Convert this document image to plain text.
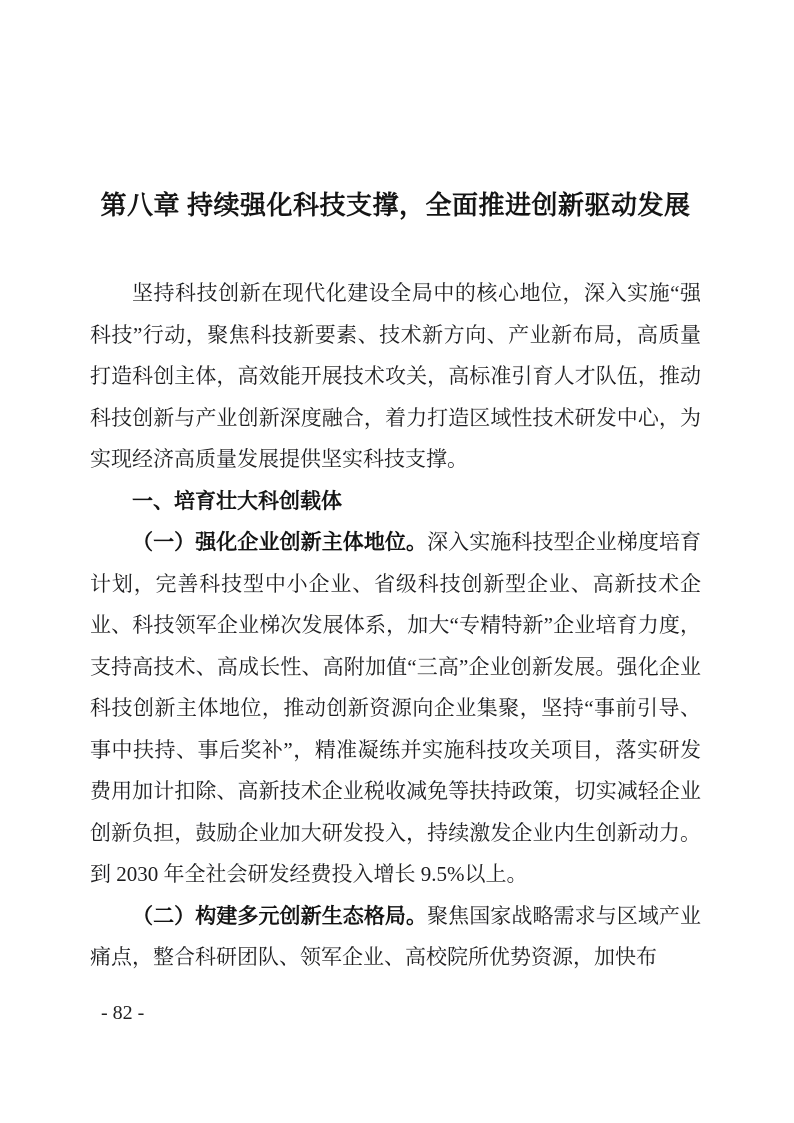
第八章 持续强化科技支撑，全面推进创新驱动发展

坚持科技创新在现代化建设全局中的核心地位，深入实施“强科技”行动，聚焦科技新要素、技术新方向、产业新布局，高质量打造科创主体，高效能开展技术攻关，高标准引育人才队伍，推动科技创新与产业创新深度融合，着力打造区域性技术研发中心，为实现经济高质量发展提供坚实科技支撑。

一、培育壮大科创载体

（一）强化企业创新主体地位。深入实施科技型企业梯度培育计划，完善科技型中小企业、省级科技创新型企业、高新技术企业、科技领军企业梯次发展体系，加大“专精特新”企业培育力度，支持高技术、高成长性、高附加值“三高”企业创新发展。强化企业科技创新主体地位，推动创新资源向企业集聚，坚持“事前引导、事中扶持、事后奖补”，精准凝练并实施科技攻关项目，落实研发费用加计扣除、高新技术企业税收减免等扶持政策，切实减轻企业创新负担，鼓励企业加大研发投入，持续激发企业内生创新动力。到 2030 年全社会研发经费投入增长 9.5%以上。

（二）构建多元创新生态格局。聚焦国家战略需求与区域产业痛点，整合科研团队、领军企业、高校院所优势资源，加快布

- 82 -
